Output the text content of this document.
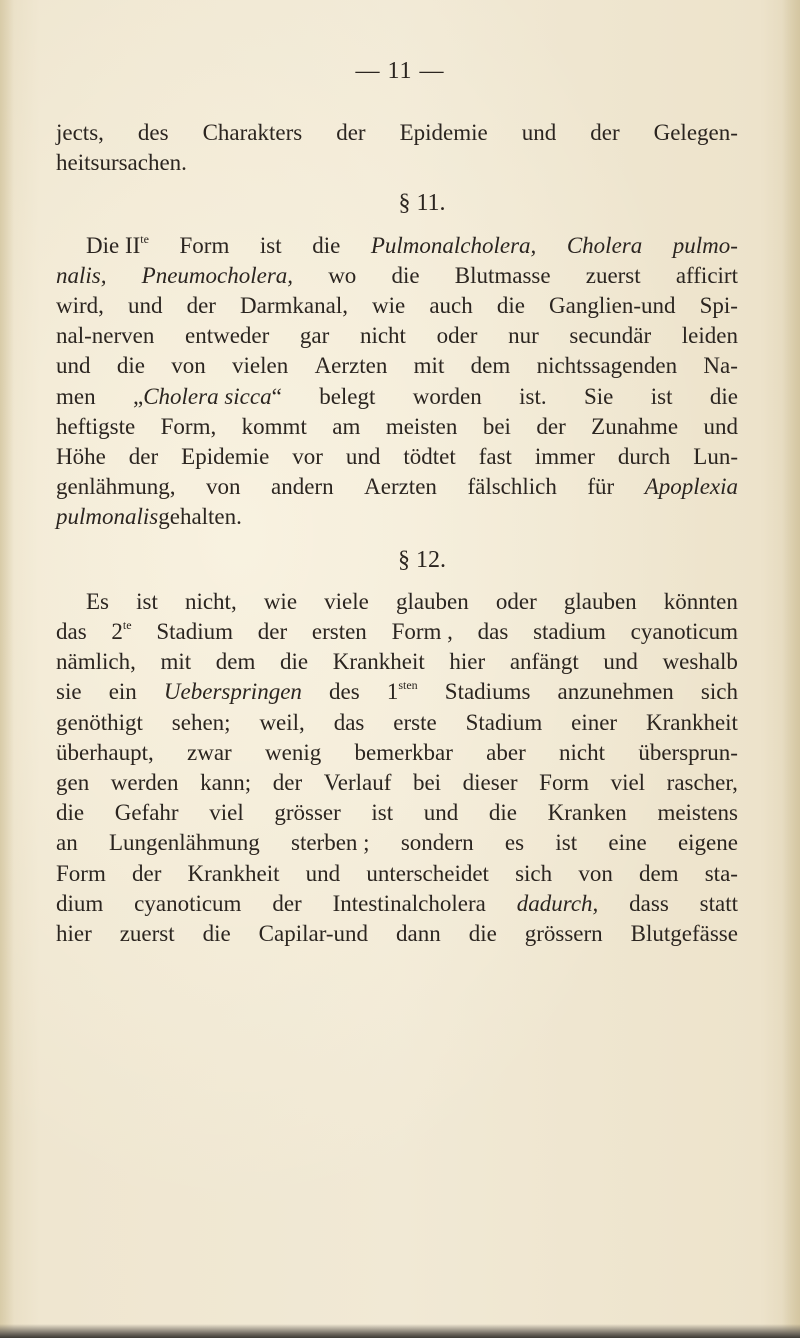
— 11 —
jects, des Charakters der Epidemie und der Gelegen-
heitsursachen.
§ 11.
Die $II^{te}$ Form ist die Pulmonalcholera, Cholera pulmo-
nalis, Pneumocholera, wo die Blutmasse zuerst afficirt
wird, und der Darmkanal, wie auch die Ganglien-und Spi-
nal-nerven entweder gar nicht oder nur secundär leiden
und die von vielen Aerzten mit dem nichtssagenden Na-
men „Cholera sicca“ belegt worden ist. Sie ist die
heftigste Form, kommt am meisten bei der Zunahme und
Höhe der Epidemie vor und tödtet fast immer durch Lun-
genlähmung, von andern Aerzten fälschlich für Apoplexia
pulmonalis gehalten.
§ 12.
Es ist nicht, wie viele glauben oder glauben könnten
das $2^{te}$ Stadium der ersten Form , das stadium cyanoticum
nämlich, mit dem die Krankheit hier anfängt und weshalb
sie ein Ueberspringen des $1^{sten}$ Stadiums anzunehmen sich
genöthigt sehen; weil, das erste Stadium einer Krankheit
überhaupt, zwar wenig bemerkbar aber nicht übersprun-
gen werden kann; der Verlauf bei dieser Form viel rascher,
die Gefahr viel grösser ist und die Kranken meistens
an Lungenlähmung sterben ; sondern es ist eine eigene
Form der Krankheit und unterscheidet sich von dem sta-
dium cyanoticum der Intestinalcholera dadurch, dass statt
hier zuerst die Capilar-und dann die grössern Blutgefässe
